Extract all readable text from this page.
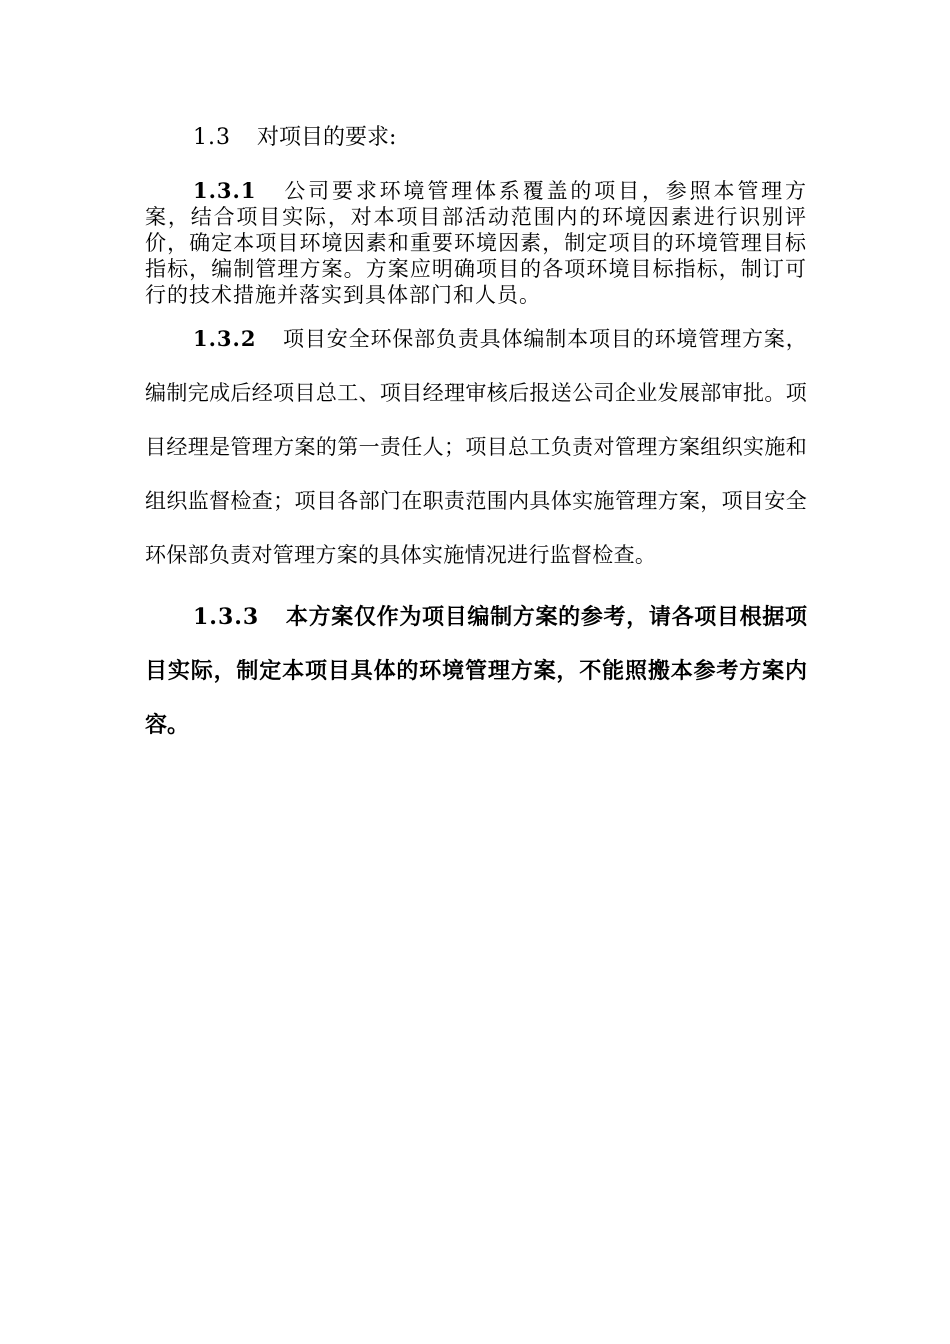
1.3 对项目的要求:

1.3.1 公司要求环境管理体系覆盖的项目，参照本管理方案，结合项目实际，对本项目部活动范围内的环境因素进行识别评价，确定本项目环境因素和重要环境因素，制定项目的环境管理目标指标，编制管理方案。方案应明确项目的各项环境目标指标，制订可行的技术措施并落实到具体部门和人员。

1.3.2 项目安全环保部负责具体编制本项目的环境管理方案，编制完成后经项目总工、项目经理审核后报送公司企业发展部审批。项目经理是管理方案的第一责任人；项目总工负责对管理方案组织实施和组织监督检查；项目各部门在职责范围内具体实施管理方案，项目安全环保部负责对管理方案的具体实施情况进行监督检查。

1.3.3 本方案仅作为项目编制方案的参考，请各项目根据项目实际，制定本项目具体的环境管理方案，不能照搬本参考方案内容。
